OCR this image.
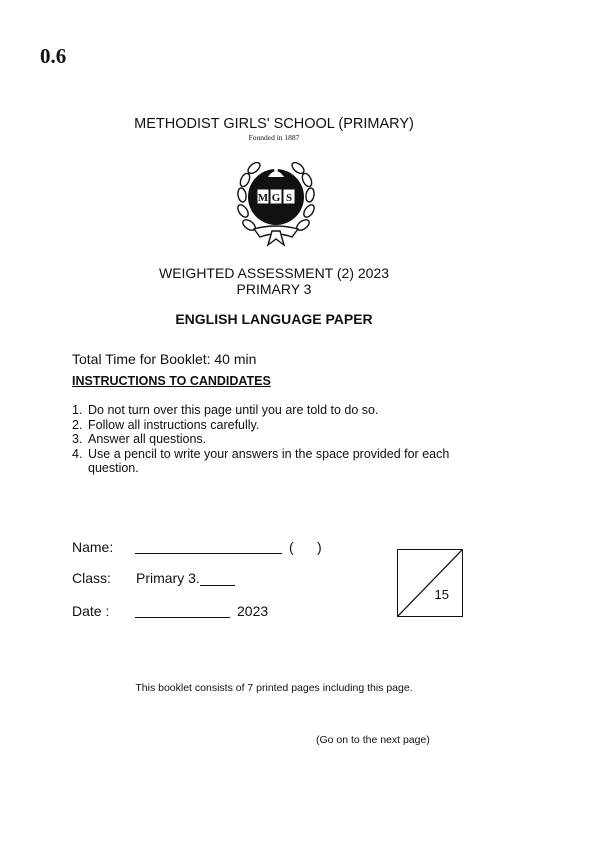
0.6
METHODIST GIRLS' SCHOOL (PRIMARY)
Founded in 1887
M G S
WEIGHTED ASSESSMENT (2) 2023
PRIMARY 3
ENGLISH LANGUAGE PAPER
Total Time for Booklet: 40 min
INSTRUCTIONS TO CANDIDATES
1. Do not turn over this page until you are told to do so.
2. Follow all instructions carefully.
3. Answer all questions.
4. Use a pencil to write your answers in the space provided for each question.
Name:	(      )
Class: Primary 3.
Date :	2023
15
This booklet consists of 7 printed pages including this page.
(Go on to the next page)
